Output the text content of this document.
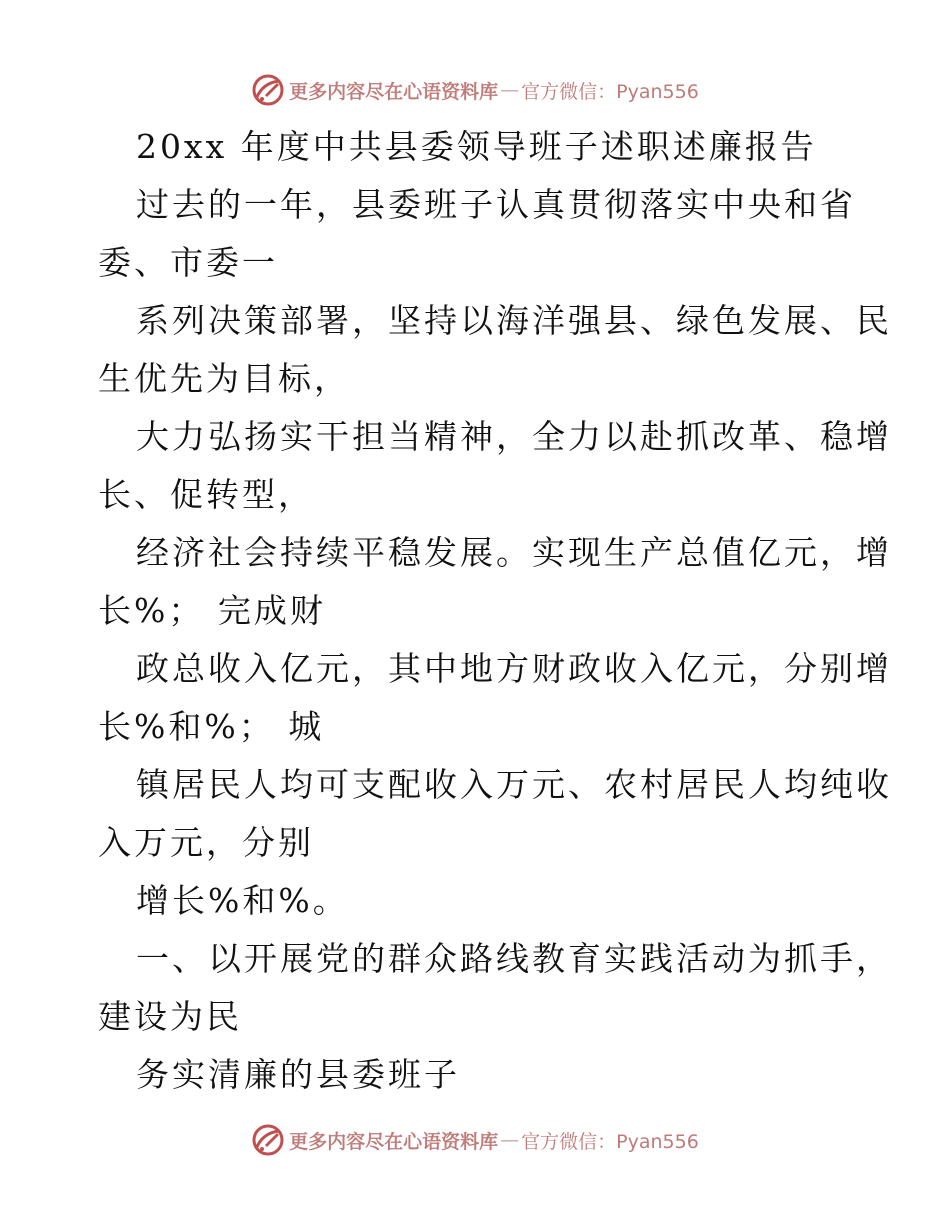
更多内容尽在心语资料库 — 官方微信：Pyan556
20xx 年度中共县委领导班子述职述廉报告
过去的一年，县委班子认真贯彻落实中央和省
委、市委一
系列决策部署，坚持以海洋强县、绿色发展、民
生优先为目标，
大力弘扬实干担当精神，全力以赴抓改革、稳增
长、促转型，
经济社会持续平稳发展。实现生产总值亿元，增
长%； 完成财
政总收入亿元，其中地方财政收入亿元，分别增
长%和%； 城
镇居民人均可支配收入万元、农村居民人均纯收
入万元，分别
增长%和%。
一、以开展党的群众路线教育实践活动为抓手，
建设为民
务实清廉的县委班子
更多内容尽在心语资料库 — 官方微信：Pyan556
